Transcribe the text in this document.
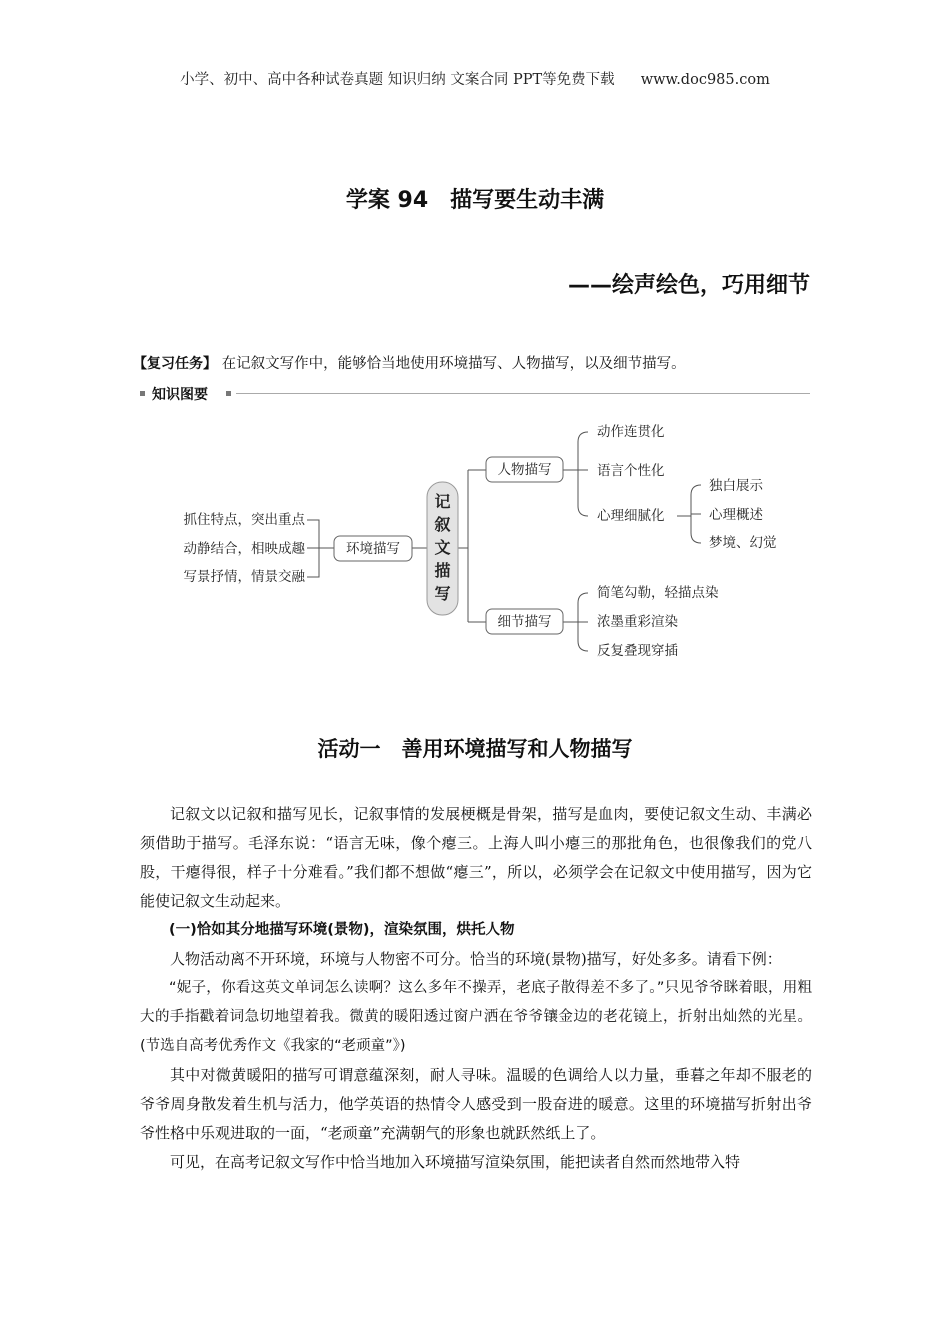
小学、初中、高中各种试卷真题 知识归纳 文案合同 PPT等免费下载 www.doc985.com
学案 94　描写要生动丰满
——绘声绘色，巧用细节
【复习任务】 在记叙文写作中，能够恰当地使用环境描写、人物描写，以及细节描写。
知识图要
环境描写
抓住特点，突出重点
动静结合，相映成趣
写景抒情，情景交融
记
叙
文
描
写
人物描写
动作连贯化
语言个性化
心理细腻化
独白展示
心理概述
梦境、幻觉
细节描写
简笔勾勒，轻描点染
浓墨重彩渲染
反复叠现穿插
活动一　善用环境描写和人物描写

记叙文以记叙和描写见长，记叙事情的发展梗概是骨架，描写是血肉，要使记叙文生动、丰满必须借助于描写。毛泽东说：“语言无味，像个瘪三。上海人叫小瘪三的那批角色，也很像我们的党八股，干瘪得很，样子十分难看。”我们都不想做“瘪三”，所以，必须学会在记叙文中使用描写，因为它能使记叙文生动起来。

(一)恰如其分地描写环境(景物)，渲染氛围，烘托人物

人物活动离不开环境，环境与人物密不可分。恰当的环境(景物)描写，好处多多。请看下例：

“妮子，你看这英文单词怎么读啊？这么多年不操弄，老底子散得差不多了。”只见爷爷眯着眼，用粗大的手指戳着词急切地望着我。微黄的暖阳透过窗户洒在爷爷镶金边的老花镜上，折射出灿然的光星。(节选自高考优秀作文《我家的“老顽童”》)

其中对微黄暖阳的描写可谓意蕴深刻，耐人寻味。温暖的色调给人以力量，垂暮之年却不服老的爷爷周身散发着生机与活力，他学英语的热情令人感受到一股奋进的暖意。这里的环境描写折射出爷爷性格中乐观进取的一面，“老顽童”充满朝气的形象也就跃然纸上了。

可见，在高考记叙文写作中恰当地加入环境描写渲染氛围，能把读者自然而然地带入特
